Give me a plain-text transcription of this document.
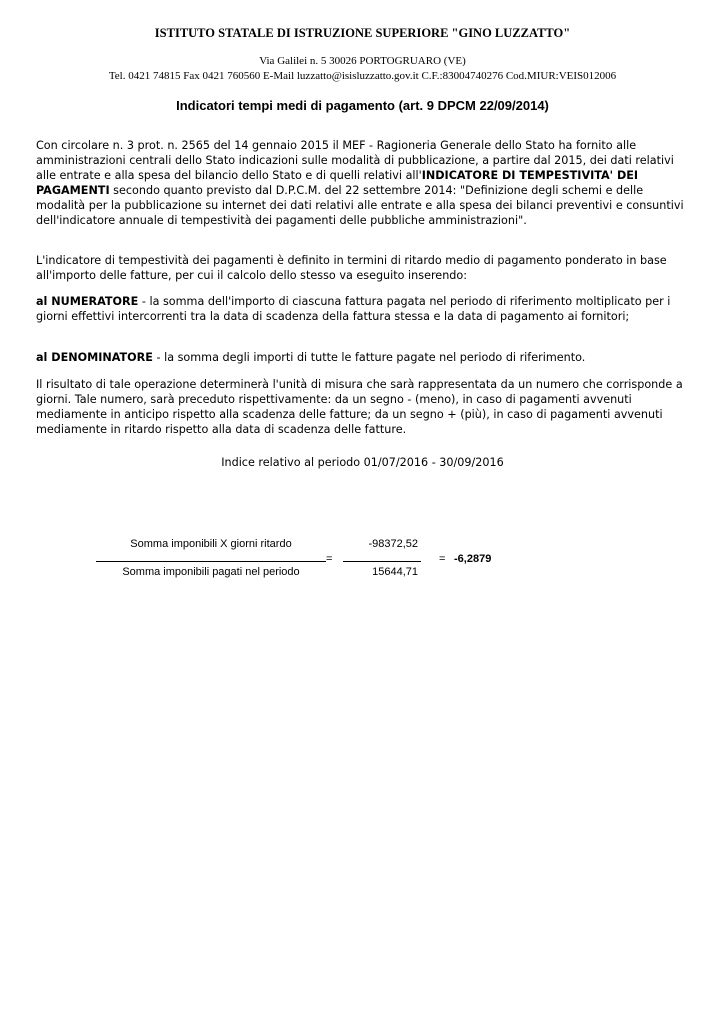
ISTITUTO STATALE DI ISTRUZIONE SUPERIORE "GINO LUZZATTO"
Via Galilei n. 5 30026 PORTOGRUARO (VE)
Tel. 0421 74815 Fax 0421 760560 E-Mail luzzatto@isisluzzatto.gov.it C.F.:83004740276 Cod.MIUR:VEIS012006
Indicatori tempi medi di pagamento (art. 9 DPCM 22/09/2014)

Con circolare n. 3 prot. n. 2565 del 14 gennaio 2015 il MEF - Ragioneria Generale dello Stato ha fornito alle amministrazioni centrali dello Stato indicazioni sulle modalità di pubblicazione, a partire dal 2015, dei dati relativi alle entrate e alla spesa del bilancio dello Stato e di quelli relativi all'INDICATORE DI TEMPESTIVITA' DEI PAGAMENTI secondo quanto previsto dal D.P.C.M. del 22 settembre 2014: "Definizione degli schemi e delle modalità per la pubblicazione su internet dei dati relativi alle entrate e alla spesa dei bilanci preventivi e consuntivi dell'indicatore annuale di tempestività dei pagamenti delle pubbliche amministrazioni".

L'indicatore di tempestività dei pagamenti è definito in termini di ritardo medio di pagamento ponderato in base all'importo delle fatture, per cui il calcolo dello stesso va eseguito inserendo:

al NUMERATORE - la somma dell'importo di ciascuna fattura pagata nel periodo di riferimento moltiplicato per i giorni effettivi intercorrenti tra la data di scadenza della fattura stessa e la data di pagamento ai fornitori;

al DENOMINATORE - la somma degli importi di tutte le fatture pagate nel periodo di riferimento.

Il risultato di tale operazione determinerà l'unità di misura che sarà rappresentata da un numero che corrisponde a giorni. Tale numero, sarà preceduto rispettivamente: da un segno - (meno), in caso di pagamenti avvenuti mediamente in anticipo rispetto alla scadenza delle fatture; da un segno + (più), in caso di pagamenti avvenuti mediamente in ritardo rispetto alla data di scadenza delle fatture.

Indice relativo al periodo 01/07/2016 - 30/09/2016
Somma imponibili X giorni ritardo
Somma imponibili pagati nel periodo
=
-98372,52
15644,71
= -6,2879
